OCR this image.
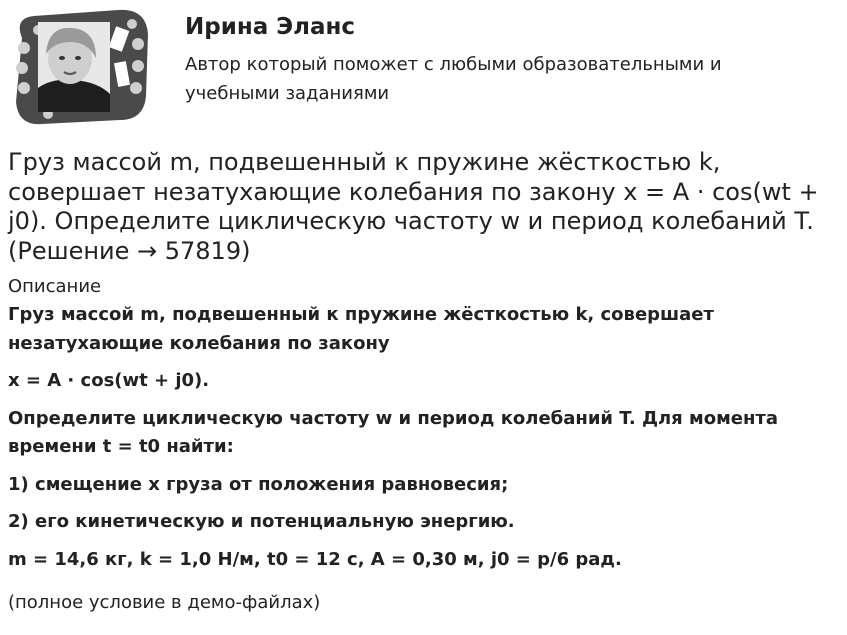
Ирина Эланс
Автор который поможет с любыми образовательными и учебными заданиями
Груз массой m, подвешенный к пружине жёсткостью k, совершает незатухающие колебания по закону x = A · cos(wt + j0). Определите циклическую частоту w и период колебаний T. (Решение → 57819)
Описание

Груз массой m, подвешенный к пружине жёсткостью k, совершает незатухающие колебания по закону

x = A · cos(wt + j0).

Определите циклическую частоту w и период колебаний T. Для момента времени t = t0 найти:

1) смещение x груза от положения равновесия;

2) его кинетическую и потенциальную энергию.

m = 14,6 кг, k = 1,0 Н/м, t0 = 12 с, A = 0,30 м, j0 = p/6 рад.

(полное условие в демо-файлах)
